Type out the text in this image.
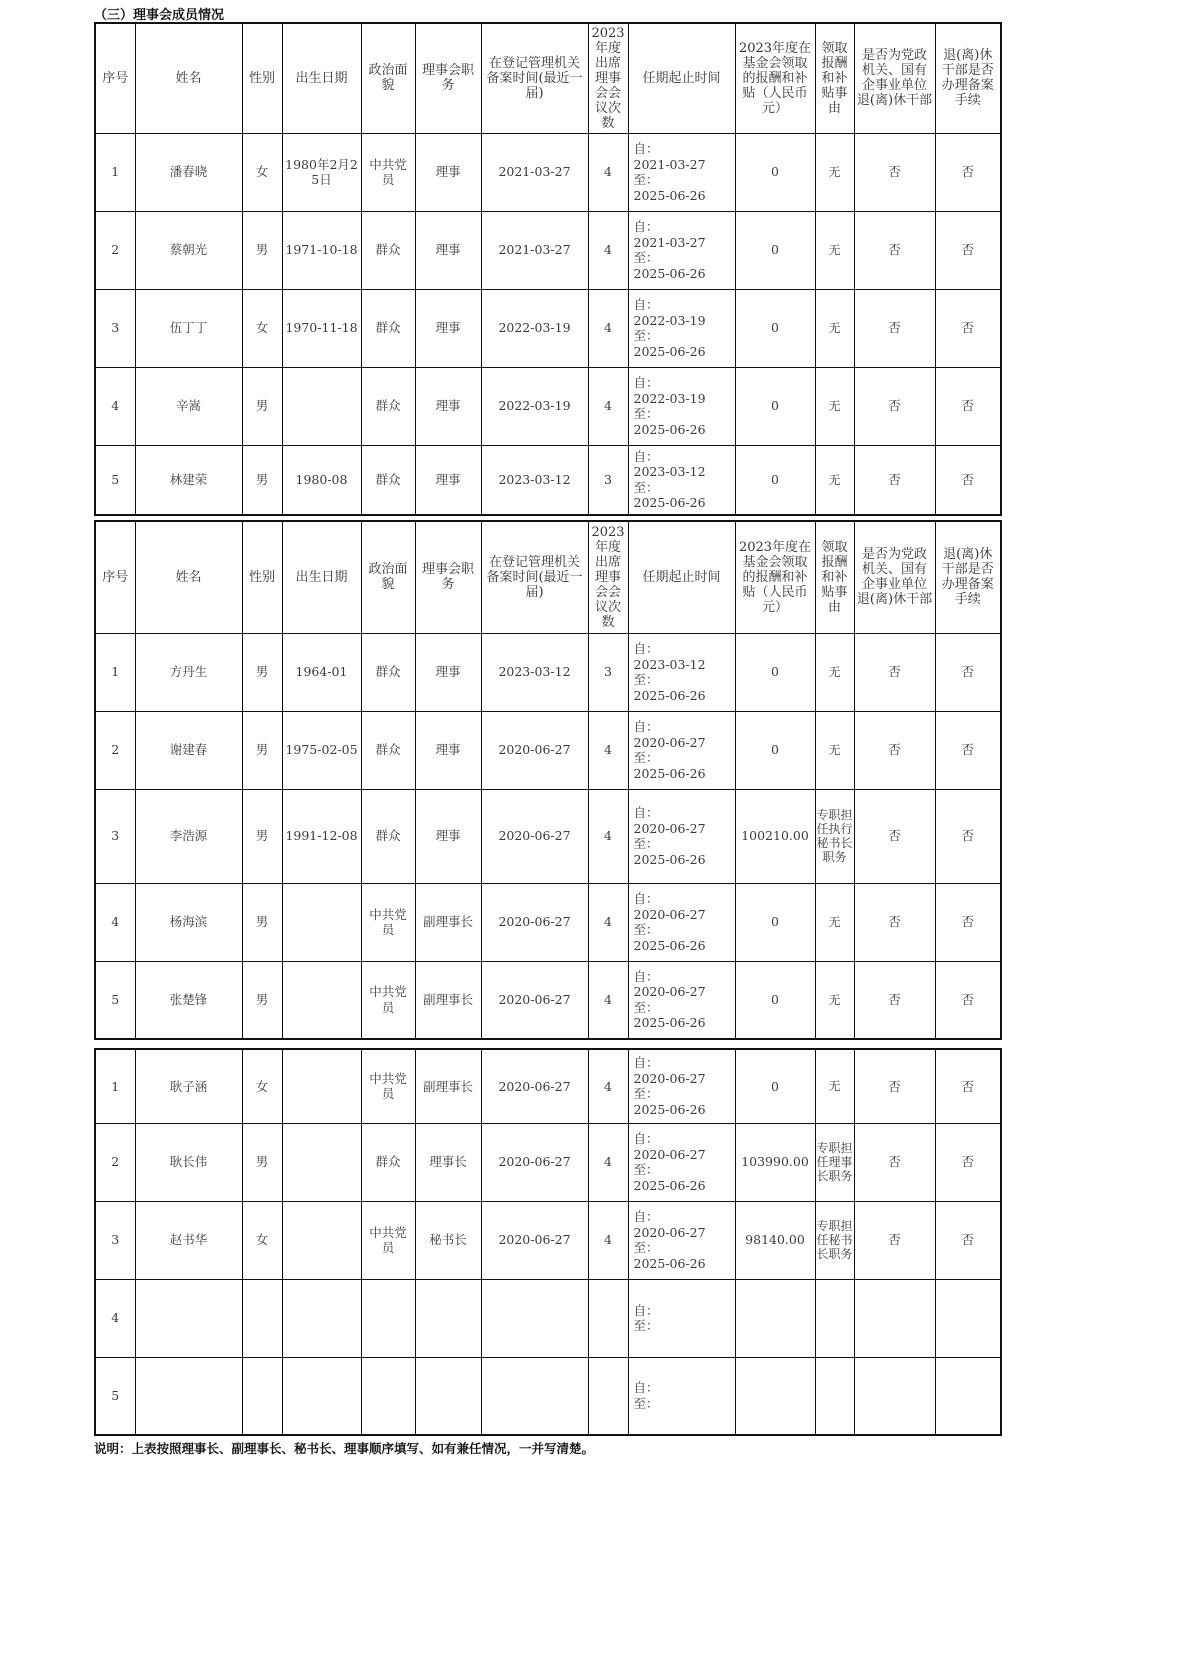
（三）理事会成员情况
序号	姓名	性别	出生日期	政治面貌	理事会职务	在登记管理机关备案时间(最近一届)	2023年度出席理事会会议次数	任期起止时间	2023年度在基金会领取的报酬和补贴（人民币元）	领取报酬和补贴事由	是否为党政机关、国有企事业单位退(离)休干部	退(离)休干部是否办理备案手续
1	潘春晓	女	1980年2月25日	中共党员	理事	2021-03-27	4	自：
2021-03-27
至：
2025-06-26	0	无	否	否
2	蔡朝光	男	1971-10-18	群众	理事	2021-03-27	4	自：
2021-03-27
至：
2025-06-26	0	无	否	否
3	伍丁丁	女	1970-11-18	群众	理事	2022-03-19	4	自：
2022-03-19
至：
2025-06-26	0	无	否	否
4	辛嵩	男		群众	理事	2022-03-19	4	自：
2022-03-19
至：
2025-06-26	0	无	否	否
5	林建荣	男	1980-08	群众	理事	2023-03-12	3	自：
2023-03-12
至：
2025-06-26	0	无	否	否
序号	姓名	性别	出生日期	政治面貌	理事会职务	在登记管理机关备案时间(最近一届)	2023年度出席理事会会议次数	任期起止时间	2023年度在基金会领取的报酬和补贴（人民币元）	领取报酬和补贴事由	是否为党政机关、国有企事业单位退(离)休干部	退(离)休干部是否办理备案手续
1	方丹生	男	1964-01	群众	理事	2023-03-12	3	自：
2023-03-12
至：
2025-06-26	0	无	否	否
2	谢建春	男	1975-02-05	群众	理事	2020-06-27	4	自：
2020-06-27
至：
2025-06-26	0	无	否	否
3	李浩源	男	1991-12-08	群众	理事	2020-06-27	4	自：
2020-06-27
至：
2025-06-26	100210.00	专职担任执行秘书长职务	否	否
4	杨海滨	男		中共党员	副理事长	2020-06-27	4	自：
2020-06-27
至：
2025-06-26	0	无	否	否
5	张楚锋	男		中共党员	副理事长	2020-06-27	4	自：
2020-06-27
至：
2025-06-26	0	无	否	否
1	耿子涵	女		中共党员	副理事长	2020-06-27	4	自：
2020-06-27
至：
2025-06-26	0	无	否	否
2	耿长伟	男		群众	理事长	2020-06-27	4	自：
2020-06-27
至：
2025-06-26	103990.00	专职担任理事长职务	否	否
3	赵书华	女		中共党员	秘书长	2020-06-27	4	自：
2020-06-27
至：
2025-06-26	98140.00	专职担任秘书长职务	否	否
4								自：
至：				

5								自：
至：				

说明：上表按照理事长、副理事长、秘书长、理事顺序填写、如有兼任情况，一并写清楚。
